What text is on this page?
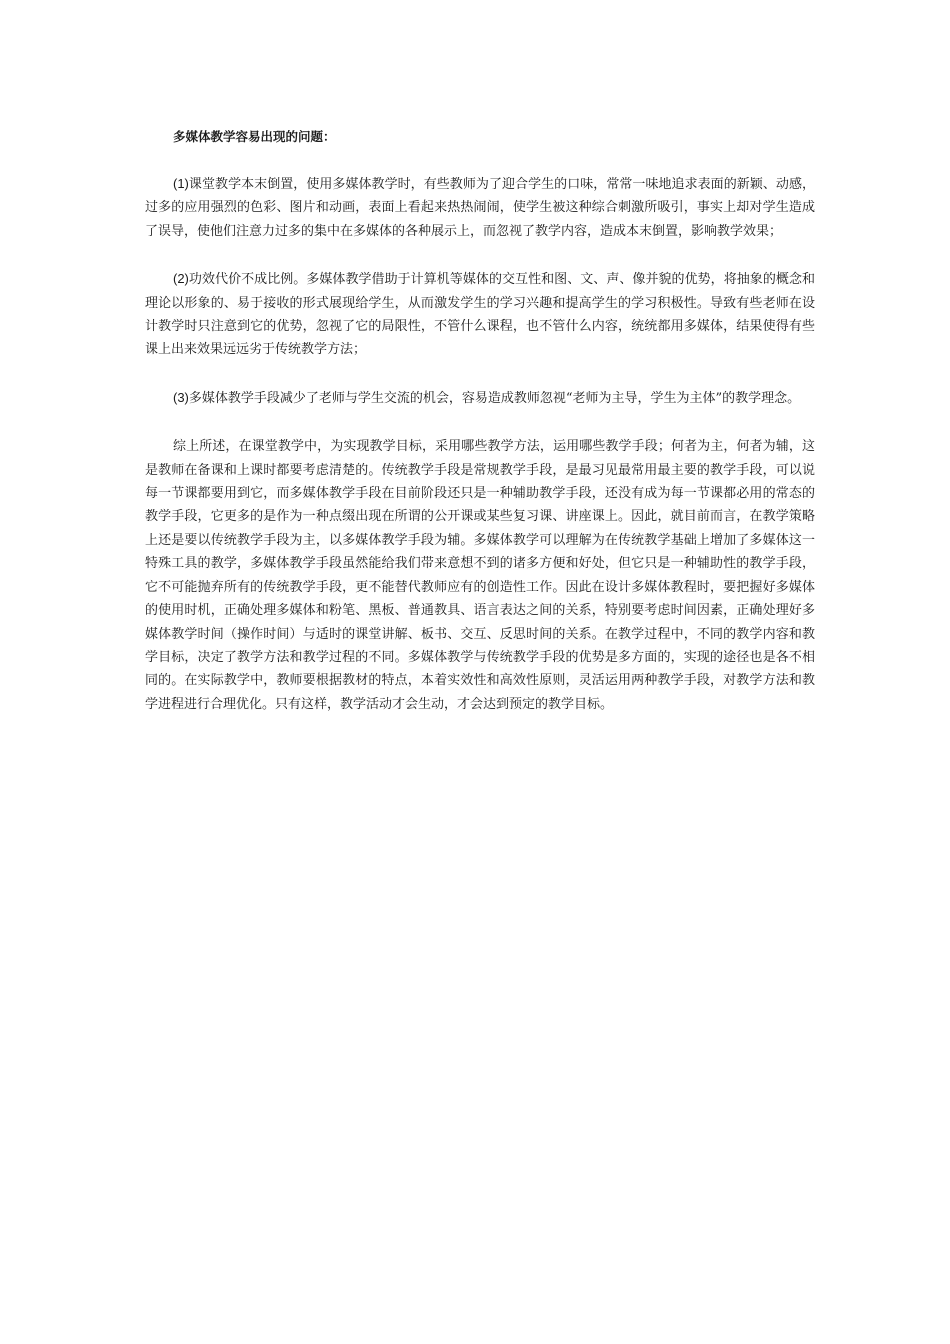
多媒体教学容易出现的问题：

(1)课堂教学本末倒置，使用多媒体教学时，有些教师为了迎合学生的口味，常常一味地追求表面的新颖、动感，过多的应用强烈的色彩、图片和动画，表面上看起来热热闹闹，使学生被这种综合刺激所吸引，事实上却对学生造成了误导，使他们注意力过多的集中在多媒体的各种展示上，而忽视了教学内容，造成本末倒置，影响教学效果；

(2)功效代价不成比例。多媒体教学借助于计算机等媒体的交互性和图、文、声、像并貌的优势，将抽象的概念和理论以形象的、易于接收的形式展现给学生，从而激发学生的学习兴趣和提高学生的学习积极性。导致有些老师在设计教学时只注意到它的优势，忽视了它的局限性，不管什么课程，也不管什么内容，统统都用多媒体，结果使得有些课上出来效果远远劣于传统教学方法；

(3)多媒体教学手段减少了老师与学生交流的机会，容易造成教师忽视“老师为主导，学生为主体”的教学理念。

综上所述，在课堂教学中，为实现教学目标，采用哪些教学方法，运用哪些教学手段；何者为主，何者为辅，这是教师在备课和上课时都要考虑清楚的。传统教学手段是常规教学手段，是最习见最常用最主要的教学手段，可以说每一节课都要用到它，而多媒体教学手段在目前阶段还只是一种辅助教学手段，还没有成为每一节课都必用的常态的教学手段，它更多的是作为一种点缀出现在所谓的公开课或某些复习课、讲座课上。因此，就目前而言，在教学策略上还是要以传统教学手段为主，以多媒体教学手段为辅。多媒体教学可以理解为在传统教学基础上增加了多媒体这一特殊工具的教学，多媒体教学手段虽然能给我们带来意想不到的诸多方便和好处，但它只是一种辅助性的教学手段，它不可能抛弃所有的传统教学手段，更不能替代教师应有的创造性工作。因此在设计多媒体教程时，要把握好多媒体的使用时机，正确处理多媒体和粉笔、黑板、普通教具、语言表达之间的关系，特别要考虑时间因素，正确处理好多媒体教学时间（操作时间）与适时的课堂讲解、板书、交互、反思时间的关系。在教学过程中，不同的教学内容和教学目标，决定了教学方法和教学过程的不同。多媒体教学与传统教学手段的优势是多方面的，实现的途径也是各不相同的。在实际教学中，教师要根据教材的特点，本着实效性和高效性原则，灵活运用两种教学手段，对教学方法和教学进程进行合理优化。只有这样，教学活动才会生动，才会达到预定的教学目标。
